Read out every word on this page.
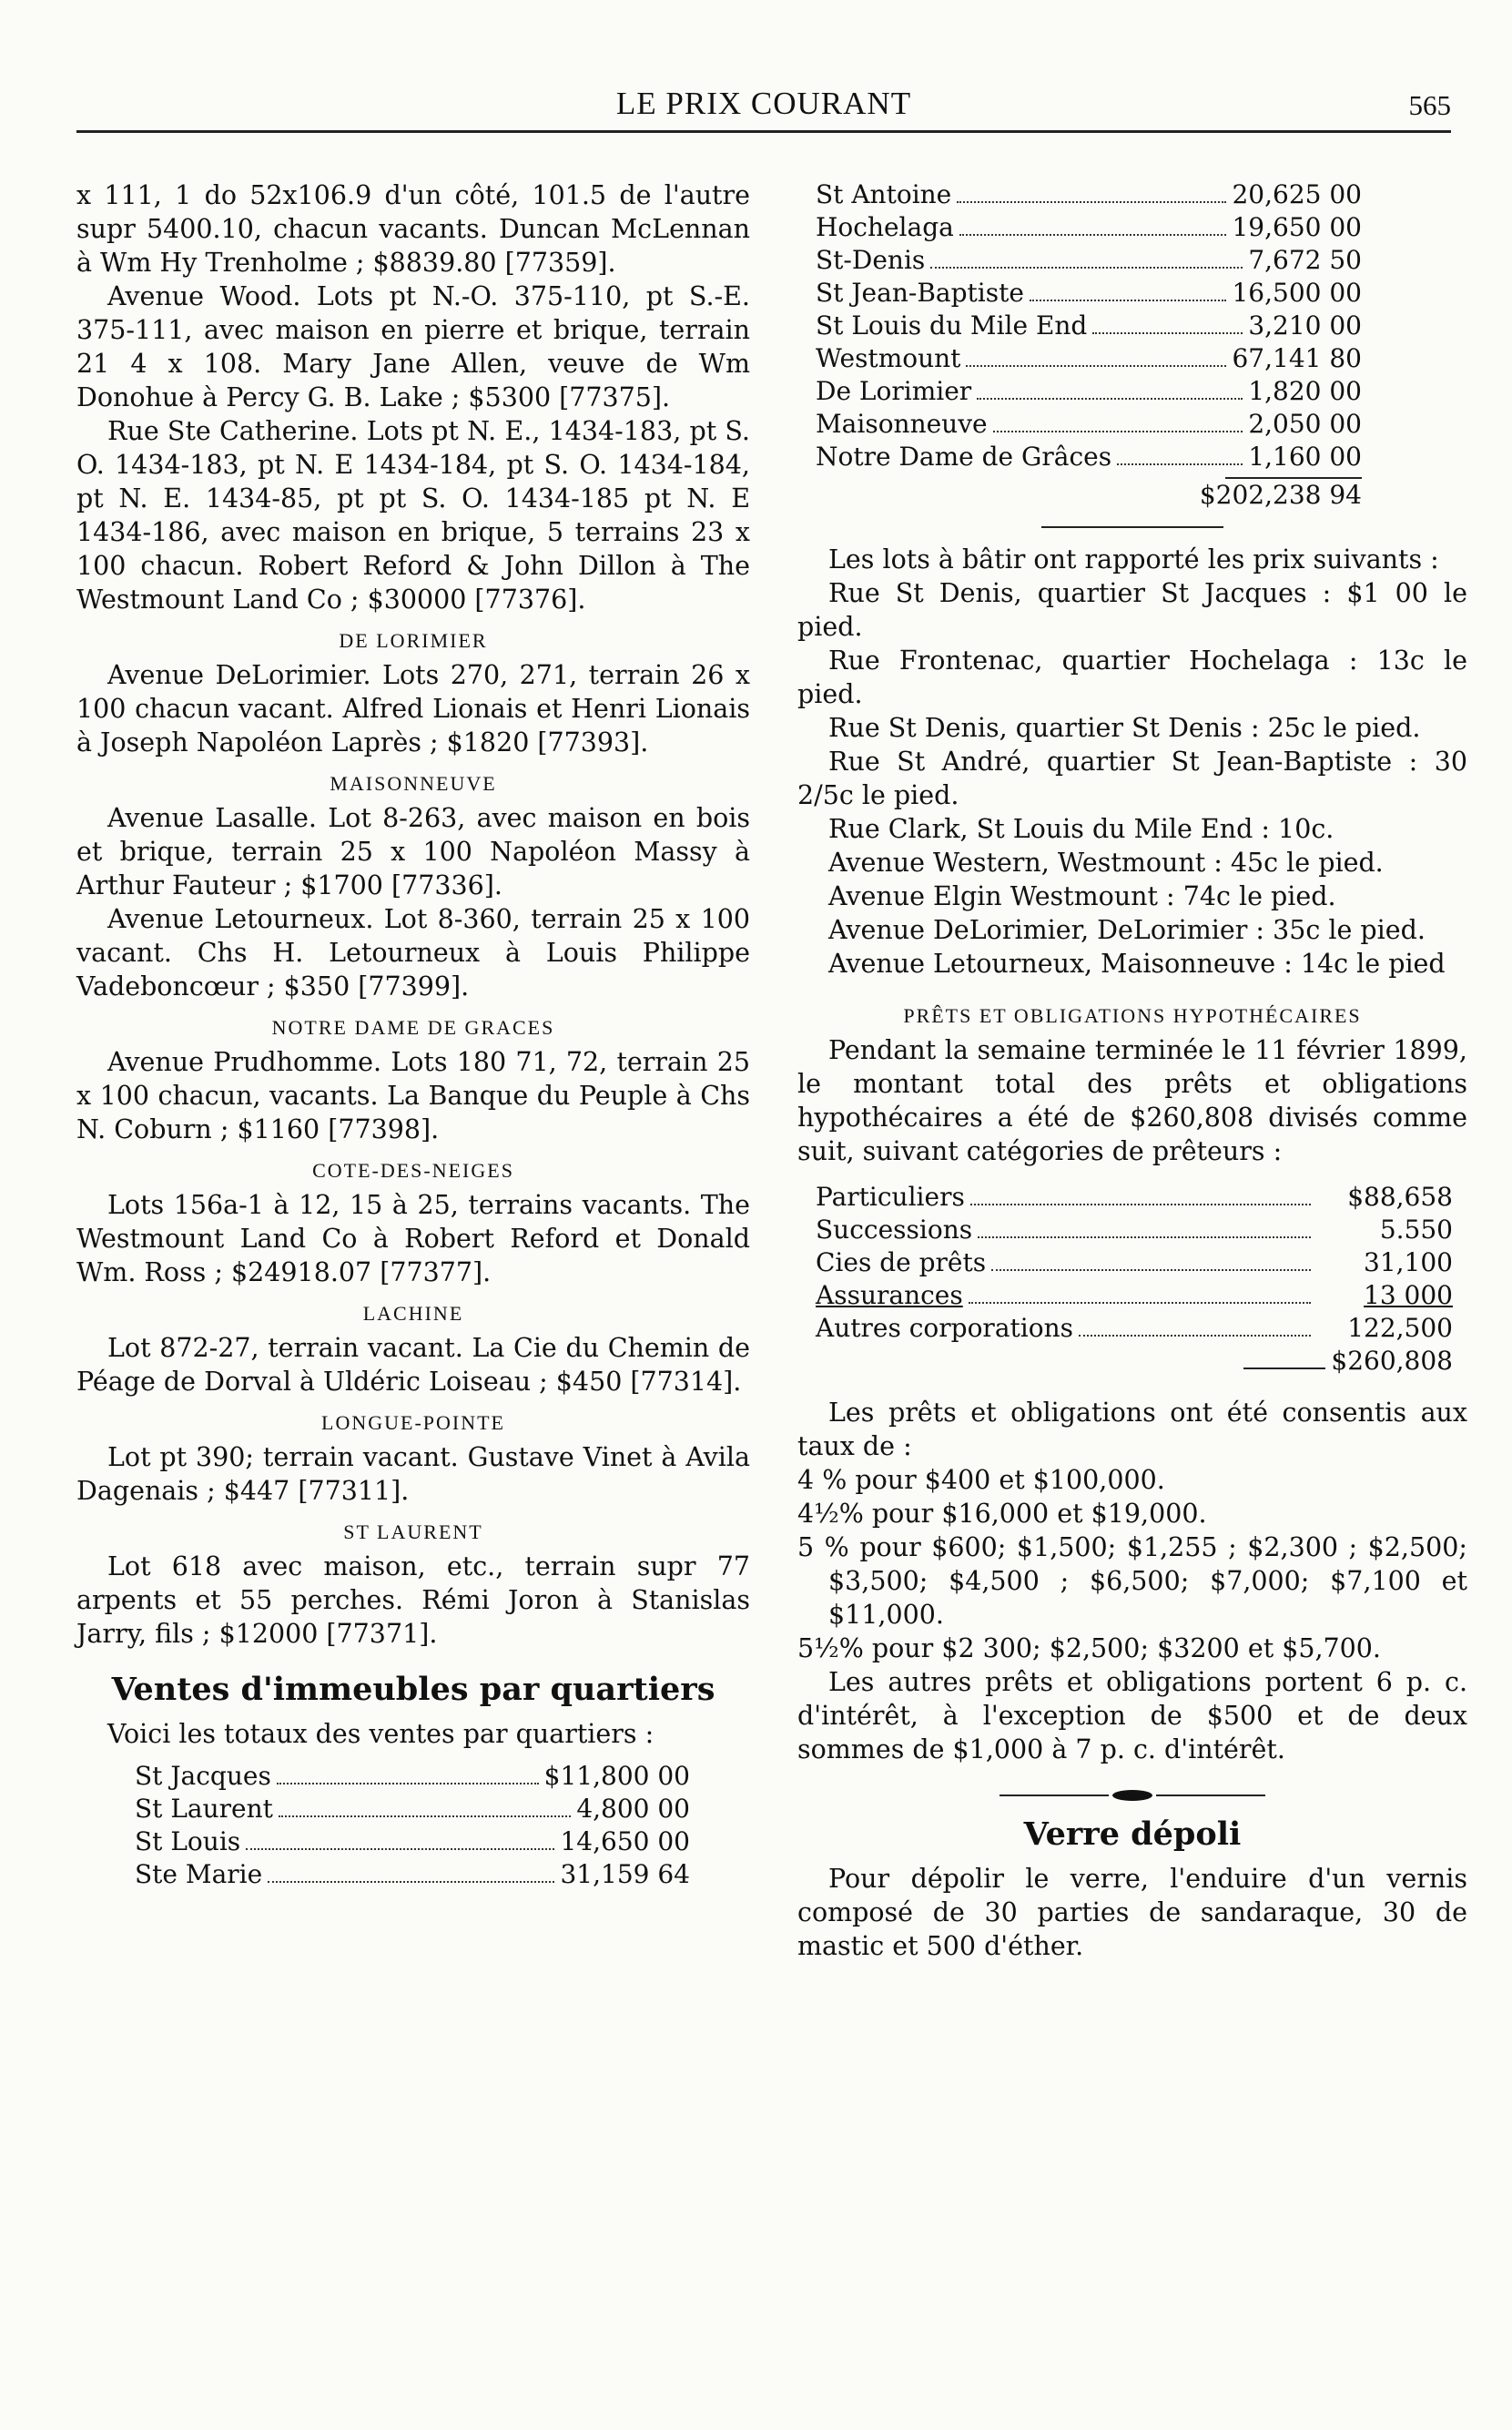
LE PRIX COURANT	565

x 111, 1 do 52x106.9 d'un côté, 101.5 de l'autre supr 5400.10, chacun vacants. Duncan McLennan à Wm Hy Trenholme ; $8839.80 [77359].

Avenue Wood. Lots pt N.-O. 375-110, pt S.-E. 375-111, avec maison en pierre et brique, terrain 21 4 x 108. Mary Jane Allen, veuve de Wm Donohue à Percy G. B. Lake ; $5300 [77375].

Rue Ste Catherine. Lots pt N. E., 1434-183, pt S. O. 1434-183, pt N. E 1434-184, pt S. O. 1434-184, pt N. E. 1434-85, pt pt S. O. 1434-185 pt N. E 1434-186, avec maison en brique, 5 terrains 23 x 100 chacun. Robert Reford & John Dillon à The Westmount Land Co ; $30000 [77376].

DE LORIMIER

Avenue DeLorimier. Lots 270, 271, terrain 26 x 100 chacun vacant. Alfred Lionais et Henri Lionais à Joseph Napoléon Laprès ; $1820 [77393].

MAISONNEUVE

Avenue Lasalle. Lot 8-263, avec maison en bois et brique, terrain 25 x 100 Napoléon Massy à Arthur Fauteur ; $1700 [77336].

Avenue Letourneux. Lot 8-360, terrain 25 x 100 vacant. Chs H. Letourneux à Louis Philippe Vadeboncœur ; $350 [77399].

NOTRE DAME DE GRACES

Avenue Prudhomme. Lots 180 71, 72, terrain 25 x 100 chacun, vacants. La Banque du Peuple à Chs N. Coburn ; $1160 [77398].

COTE-DES-NEIGES

Lots 156a-1 à 12, 15 à 25, terrains vacants. The Westmount Land Co à Robert Reford et Donald Wm. Ross ; $24918.07 [77377].

LACHINE

Lot 872-27, terrain vacant. La Cie du Chemin de Péage de Dorval à Uldéric Loiseau ; $450 [77314].

LONGUE-POINTE

Lot pt 390; terrain vacant. Gustave Vinet à Avila Dagenais ; $447 [77311].

ST LAURENT

Lot 618 avec maison, etc., terrain supr 77 arpents et 55 perches. Rémi Joron à Stanislas Jarry, fils ; $12000 [77371].

Ventes d'immeubles par quartiers

Voici les totaux des ventes par quartiers :

St Jacques	$11,800 00
St Laurent	4,800 00
St Louis	14,650 00
Ste Marie	31,159 64
St Antoine	20,625 00
Hochelaga	19,650 00
St-Denis	7,672 50
St Jean-Baptiste	16,500 00
St Louis du Mile End	3,210 00
Westmount	67,141 80
De Lorimier	1,820 00
Maisonneuve	2,050 00
Notre Dame de Grâces	1,160 00
$202,238 94

Les lots à bâtir ont rapporté les prix suivants :

Rue St Denis, quartier St Jacques : $1 00 le pied.

Rue Frontenac, quartier Hochelaga : 13c le pied.

Rue St Denis, quartier St Denis : 25c le pied.

Rue St André, quartier St Jean-Baptiste : 30 2/5c le pied.

Rue Clark, St Louis du Mile End : 10c.

Avenue Western, Westmount : 45c le pied.

Avenue Elgin Westmount : 74c le pied.

Avenue DeLorimier, DeLorimier : 35c le pied.

Avenue Letourneux, Maisonneuve : 14c le pied

PRÊTS ET OBLIGATIONS HYPOTHÉCAIRES

Pendant la semaine terminée le 11 février 1899, le montant total des prêts et obligations hypothécaires a été de $260,808 divisés comme suit, suivant catégories de prêteurs :

Particuliers	$88,658
Successions	5.550
Cies de prêts	31,100
Assurances	13 000
Autres corporations	122,500
$260,808

Les prêts et obligations ont été consentis aux taux de :

4 % pour $400 et $100,000.

4½% pour $16,000 et $19,000.

5 % pour $600; $1,500; $1,255 ; $2,300 ; $2,500; $3,500; $4,500 ; $6,500; $7,000; $7,100 et $11,000.

5½% pour $2 300; $2,500; $3200 et $5,700.

Les autres prêts et obligations portent 6 p. c. d'intérêt, à l'exception de $500 et de deux sommes de $1,000 à 7 p. c. d'intérêt.

Verre dépoli

Pour dépolir le verre, l'enduire d'un vernis composé de 30 parties de sandaraque, 30 de mastic et 500 d'éther.
